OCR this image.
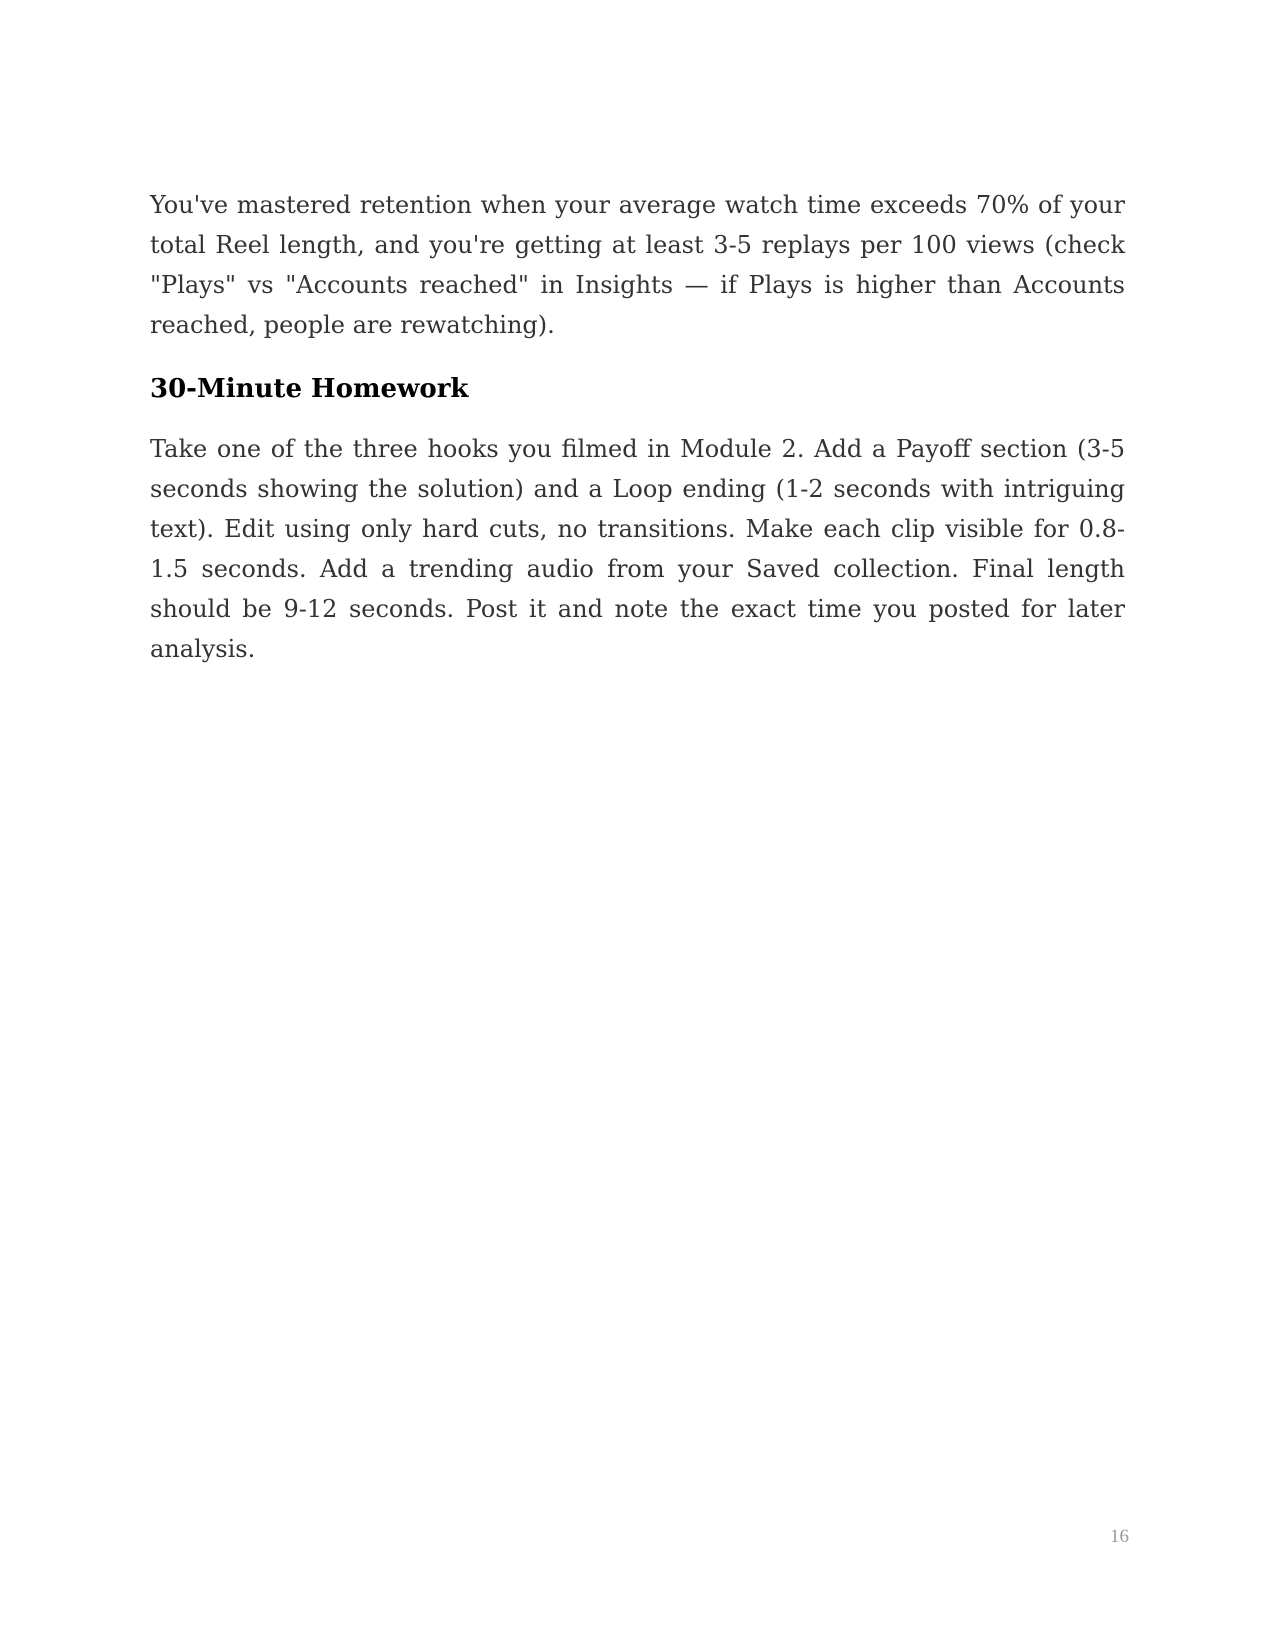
You've mastered retention when your average watch time exceeds 70% of your total Reel length, and you're getting at least 3-5 replays per 100 views (check "Plays" vs "Accounts reached" in Insights — if Plays is higher than Accounts reached, people are rewatching).

30-Minute Homework

Take one of the three hooks you filmed in Module 2. Add a Payoff section (3-5 seconds showing the solution) and a Loop ending (1-2 seconds with intriguing text). Edit using only hard cuts, no transitions. Make each clip visible for 0.8-1.5 seconds. Add a trending audio from your Saved collection. Final length should be 9-12 seconds. Post it and note the exact time you posted for later analysis.

16
